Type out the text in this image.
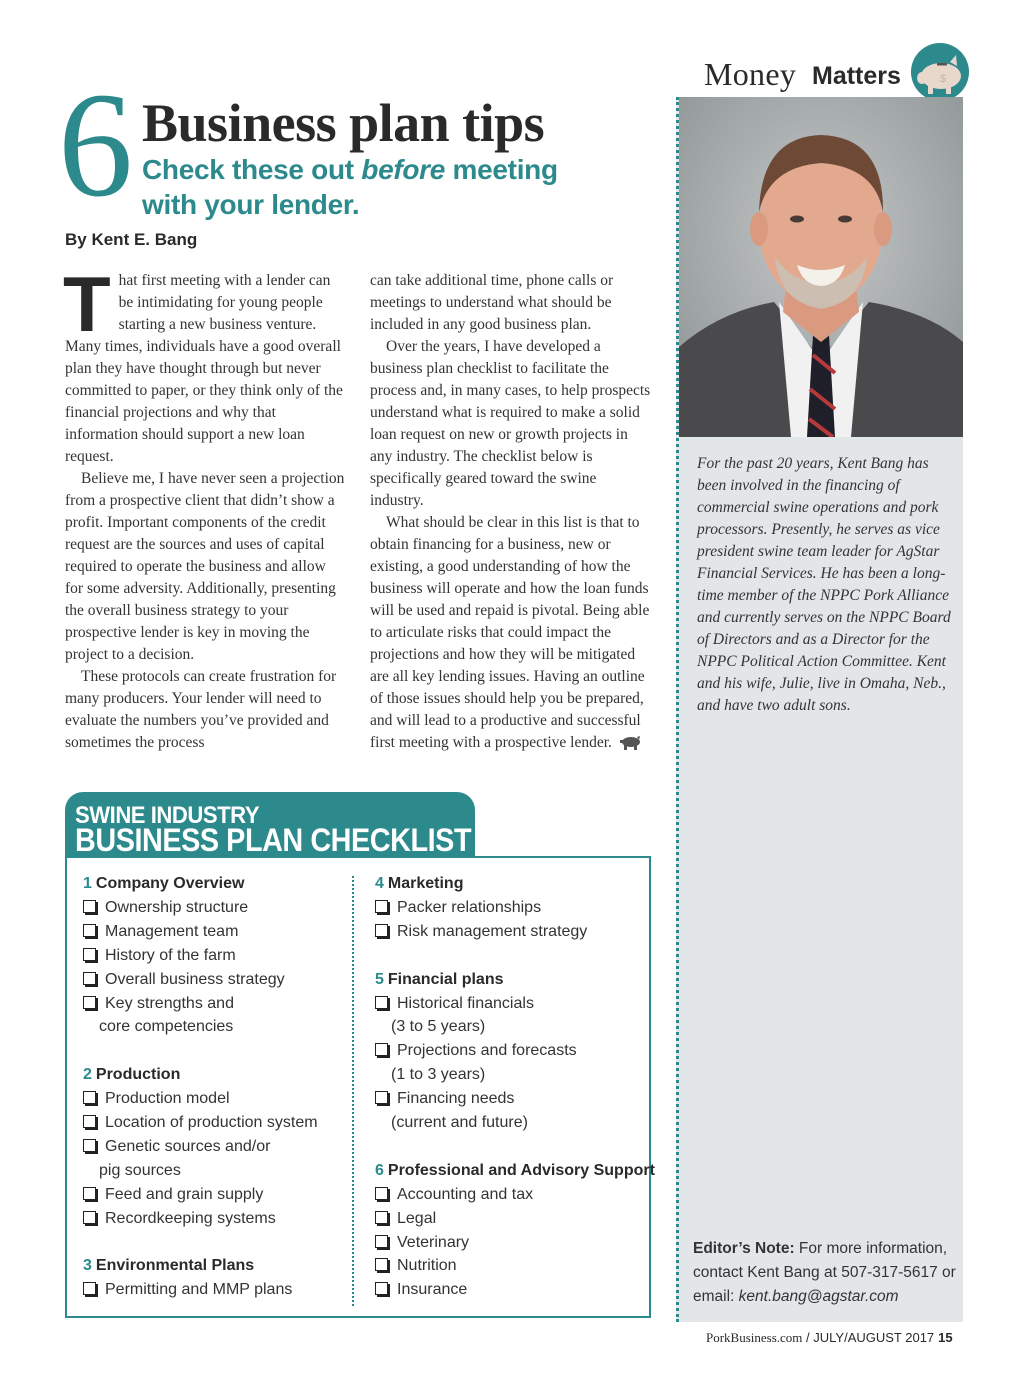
Money Matters	$
6 Business plan tips
Check these out before meeting with your lender.
By Kent E. Bang

That first meeting with a lender can be intimidating for young people starting a new business venture. Many times, individuals have a good overall plan they have thought through but never committed to paper, or they think only of the financial projections and why that information should support a new loan request.

Believe me, I have never seen a projection from a prospective client that didn’t show a profit. Important components of the credit request are the sources and uses of capital required to operate the business and allow for some adversity. Additionally, presenting the overall business strategy to your prospective lender is key in moving the project to a decision.

These protocols can create frustration for many producers. Your lender will need to evaluate the numbers you’ve provided and sometimes the process

can take additional time, phone calls or meetings to understand what should be included in any good business plan.

Over the years, I have developed a business plan checklist to facilitate the process and, in many cases, to help prospects understand what is required to make a solid loan request on new or growth projects in any industry. The checklist below is specifically geared toward the swine industry.

What should be clear in this list is that to obtain financing for a business, new or existing, a good understanding of how the business will operate and how the loan funds will be used and repaid is pivotal. Being able to articulate risks that could impact the projections and how they will be mitigated are all key lending issues. Having an outline of those issues should help you be prepared, and will lead to a productive and successful first meeting with a prospective lender.

For the past 20 years, Kent Bang has been involved in the financing of commercial swine operations and pork processors. Presently, he serves as vice president swine team leader for AgStar Financial Services. He has been a long-time member of the NPPC Pork Alliance and currently serves on the NPPC Board of Directors and as a Director for the NPPC Political Action Committee. Kent and his wife, Julie, live in Omaha, Neb., and have two adult sons.

Editor’s Note: For more information, contact Kent Bang at 507-317-5617 or email: kent.bang@agstar.com

SWINE INDUSTRY
BUSINESS PLAN CHECKLIST
1 Company Overview
Ownership structure
Management team
History of the farm
Overall business strategy
Key strengths and
core competencies
2 Production
Production model
Location of production system
Genetic sources and/or
pig sources
Feed and grain supply
Recordkeeping systems
3 Environmental Plans
Permitting and MMP plans
4 Marketing
Packer relationships
Risk management strategy
5 Financial plans
Historical financials
(3 to 5 years)
Projections and forecasts
(1 to 3 years)
Financing needs
(current and future)
6 Professional and Advisory Support
Accounting and tax
Legal
Veterinary
Nutrition
Insurance
PorkBusiness.com / JULY/AUGUST 2017 15
